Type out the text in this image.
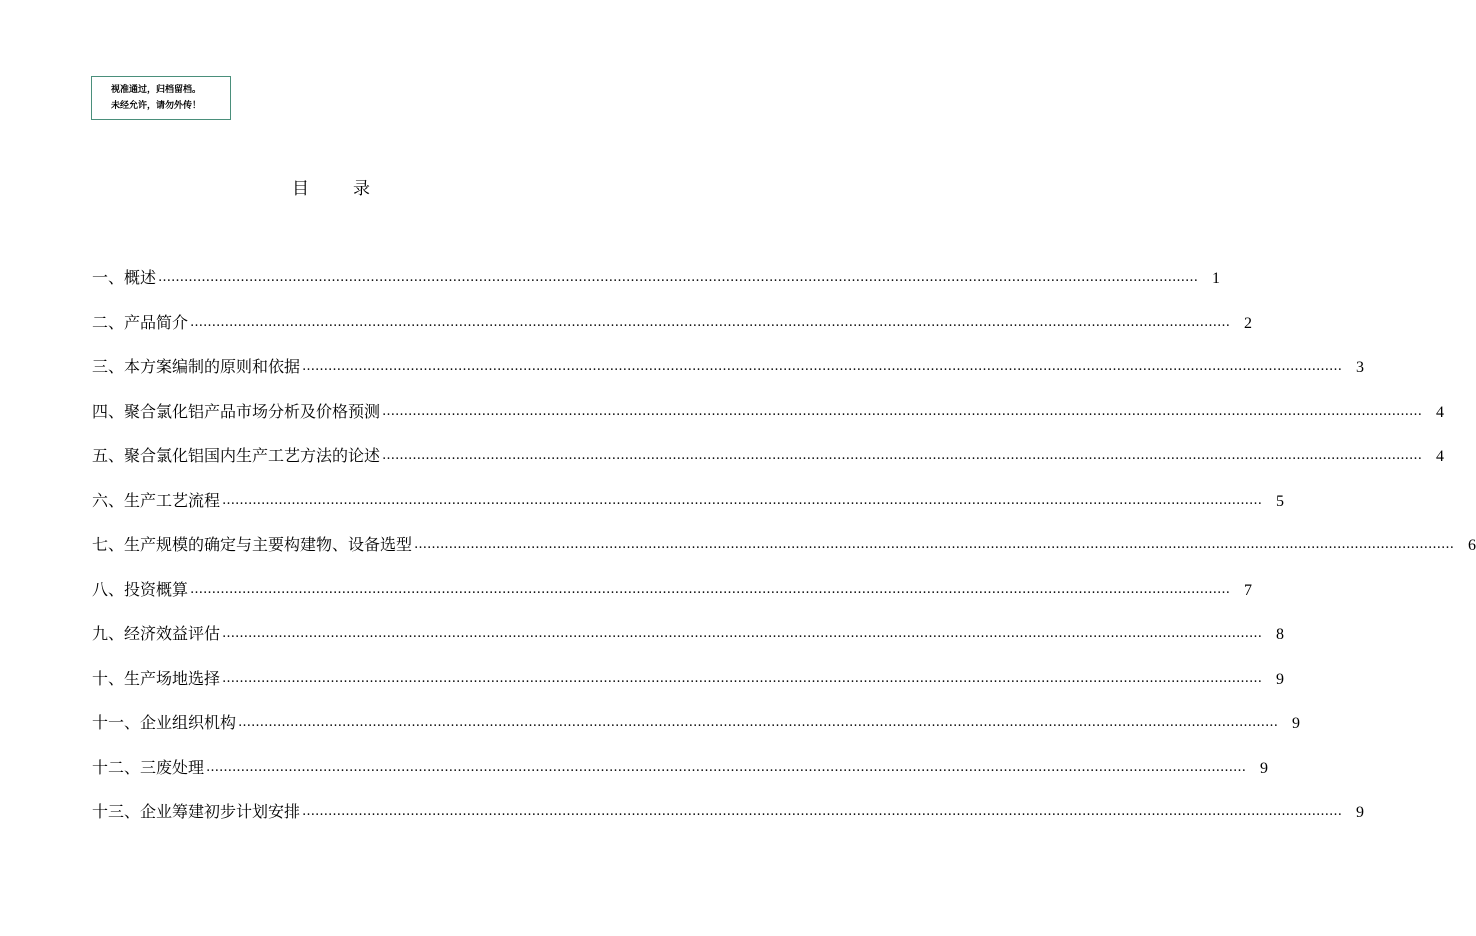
视准通过，归档留档。
未经允许，请勿外传！
目	录
一、概述 …………………………………………………………………………………………………………………………………………………………………………………………………………………… 1
二、产品简介 …………………………………………………………………………………………………………………………………………………………………………………………………………………… 2
三、本方案编制的原则和依据 …………………………………………………………………………………………………………………………………………………………………………………………………………………… 3
四、聚合氯化铝产品市场分析及价格预测 …………………………………………………………………………………………………………………………………………………………………………………………………………………… 4
五、聚合氯化铝国内生产工艺方法的论述 …………………………………………………………………………………………………………………………………………………………………………………………………………………… 4
六、生产工艺流程 …………………………………………………………………………………………………………………………………………………………………………………………………………………… 5
七、生产规模的确定与主要构建物、设备选型 …………………………………………………………………………………………………………………………………………………………………………………………………………………… 6
八、投资概算 …………………………………………………………………………………………………………………………………………………………………………………………………………………… 7
九、经济效益评估 …………………………………………………………………………………………………………………………………………………………………………………………………………………… 8
十、生产场地选择 …………………………………………………………………………………………………………………………………………………………………………………………………………………… 9
十一、企业组织机构 …………………………………………………………………………………………………………………………………………………………………………………………………………………… 9
十二、三废处理 …………………………………………………………………………………………………………………………………………………………………………………………………………………… 9
十三、企业筹建初步计划安排 …………………………………………………………………………………………………………………………………………………………………………………………………………………… 9
